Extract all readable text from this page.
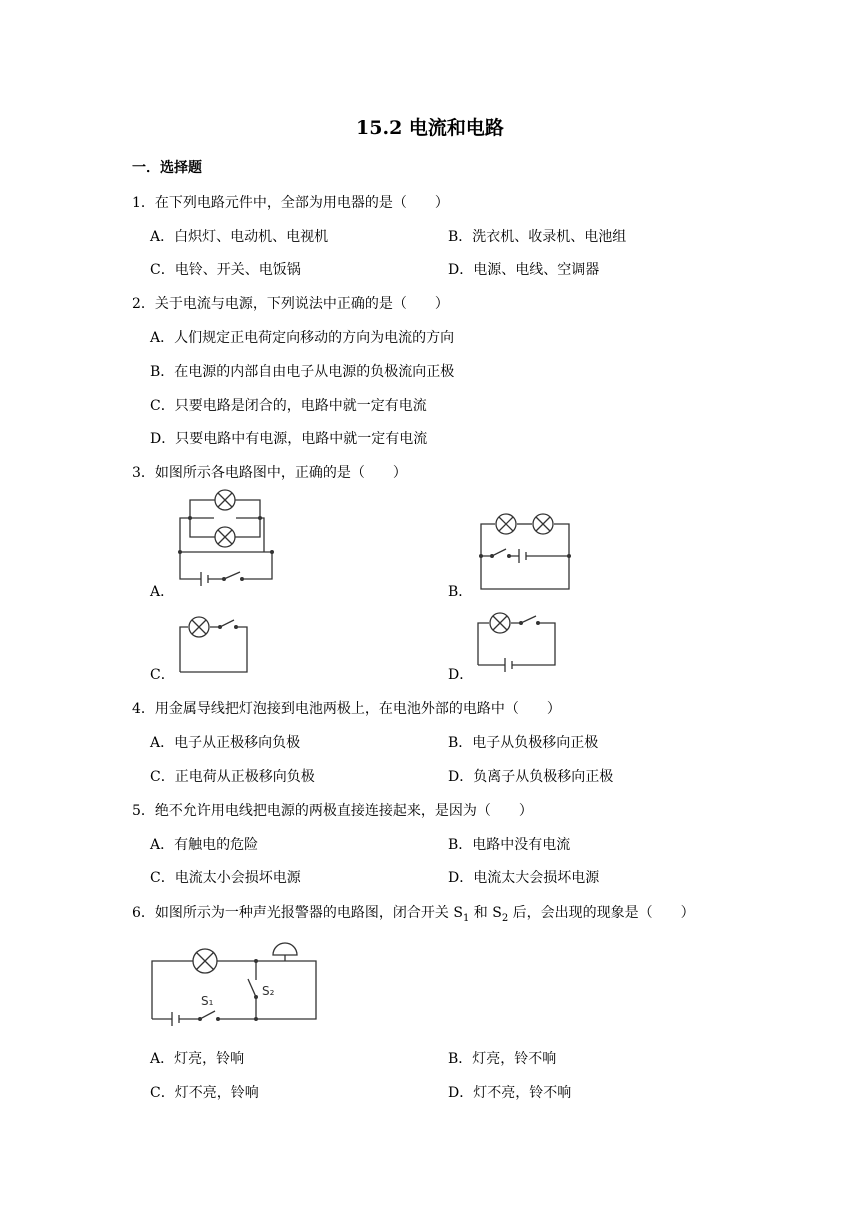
15.2 电流和电路
一．选择题
1．在下列电路元件中，全部为用电器的是（　　）
A．白炽灯、电动机、电视机	B．洗衣机、收录机、电池组
C．电铃、开关、电饭锅	D．电源、电线、空调器
2．关于电流与电源，下列说法中正确的是（　　）
A．人们规定正电荷定向移动的方向为电流的方向
B．在电源的内部自由电子从电源的负极流向正极
C．只要电路是闭合的，电路中就一定有电流
D．只要电路中有电源，电路中就一定有电流
3．如图所示各电路图中，正确的是（　　）
A．	B．
C．	D．
4．用金属导线把灯泡接到电池两极上，在电池外部的电路中（　　）
A．电子从正极移向负极	B．电子从负极移向正极
C．正电荷从正极移向负极	D．负离子从负极移向正极
5．绝不允许用电线把电源的两极直接连接起来，是因为（　　）
A．有触电的危险	B．电路中没有电流
C．电流太小会损坏电源	D．电流太大会损坏电源
6．如图所示为一种声光报警器的电路图，闭合开关 $S_1$ 和 $S_2$ 后，会出现的现象是（　　）
S₁
S₂
A．灯亮，铃响	B．灯亮，铃不响
C．灯不亮，铃响	D．灯不亮，铃不响
